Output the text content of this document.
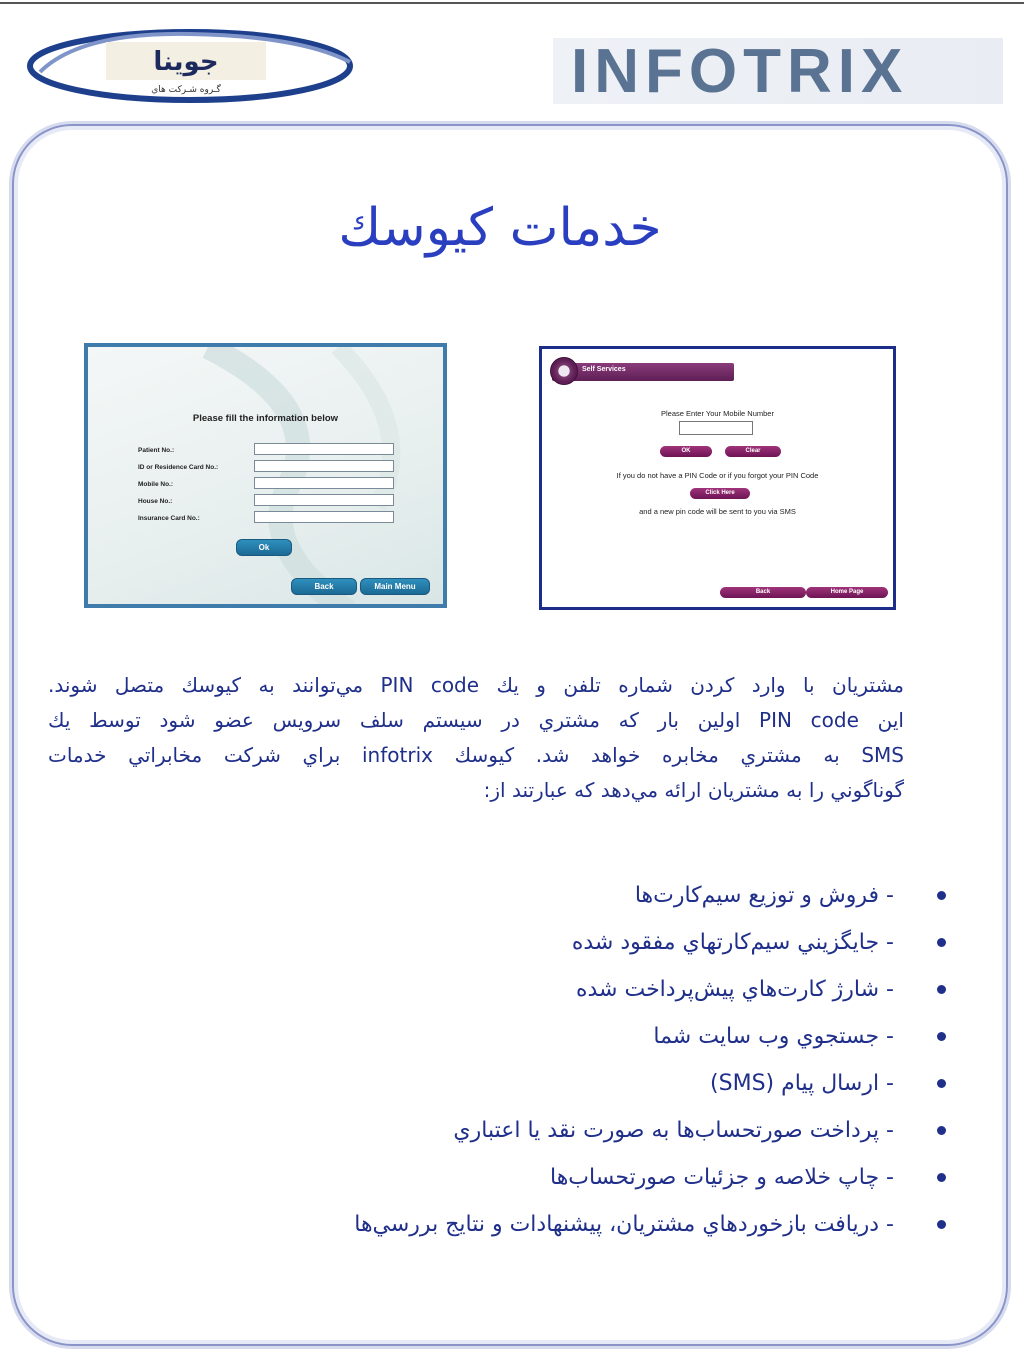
جوینا
گـروه شـركت هاي	INFOTRIX
خدمات كيوسك
Please fill the information below
Patient No.:
ID or Residence Card No.:
Mobile No.:
House No.:
Insurance Card No.:
Ok
Back	Main Menu
Self Services
Please Enter Your Mobile Number
OK	Clear
If you do not have a PIN Code or if you forgot your PIN Code
Click Here
and a new pin code will be sent to you via SMS
Back	Home Page
مشتريان با وارد كردن شماره تلفن و يك PIN code مي‌توانند به كيوسك متصل شوند.
اين PIN code اولين بار كه مشتري در سيستم سلف سرويس عضو شود توسط يك
SMS به مشتري مخابره خواهد شد. كيوسك infotrix براي شركت مخابراتي خدمات
گوناگوني را به مشتريان ارائه مي‌دهد كه عبارتند از:
- فروش و توزيع سيم‌كارت‌ها
- جايگزيني سيم‌كارتهاي مفقود شده
- شارژ كارت‌هاي پيش‌پرداخت شده
- جستجوي وب سايت شما
- ارسال پيام (SMS)
- پرداخت صورتحساب‌ها به صورت نقد يا اعتباري
- چاپ خلاصه و جزئيات صورتحساب‌ها
- دريافت بازخوردهاي مشتريان، پيشنهادات و نتايج بررسي‌ها
